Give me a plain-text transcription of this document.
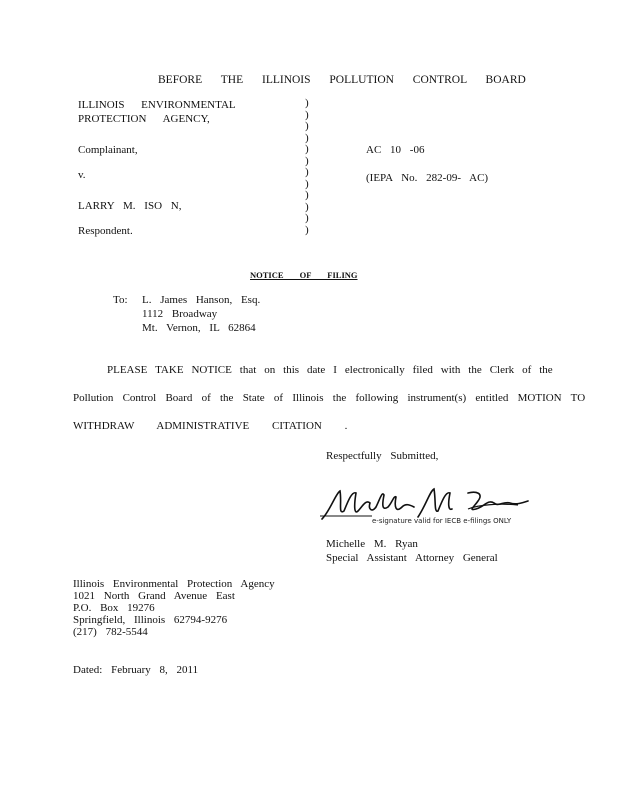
BEFORE THE ILLINOIS POLLUTION CONTROL BOARD
ILLINOIS ENVIRONMENTAL
PROTECTION AGENCY,
Complainant,
v.
LARRY M. ISO N,
Respondent.
)
)
)
)
)
)
)
)
)
)
)
)
AC 10 -06
(IEPA No. 282-09- AC)
NOTICE OF FILING
To: L. James Hanson, Esq.
1112 Broadway
Mt. Vernon, IL 62864
PLEASE TAKE NOTICE that on this date I electronically filed with the Clerk of the
Pollution Control Board of the State of Illinois the following instrument(s) entitled MOTION TO
WITHDRAW ADMINISTRATIVE CITATION .
Respectfully Submitted,
e-signature valid for IECB e-filings ONLY
Michelle M. Ryan
Special Assistant Attorney General
Illinois Environmental Protection Agency
1021 North Grand Avenue East
P.O. Box 19276
Springfield, Illinois 62794-9276
(217) 782-5544
Dated: February 8, 2011
